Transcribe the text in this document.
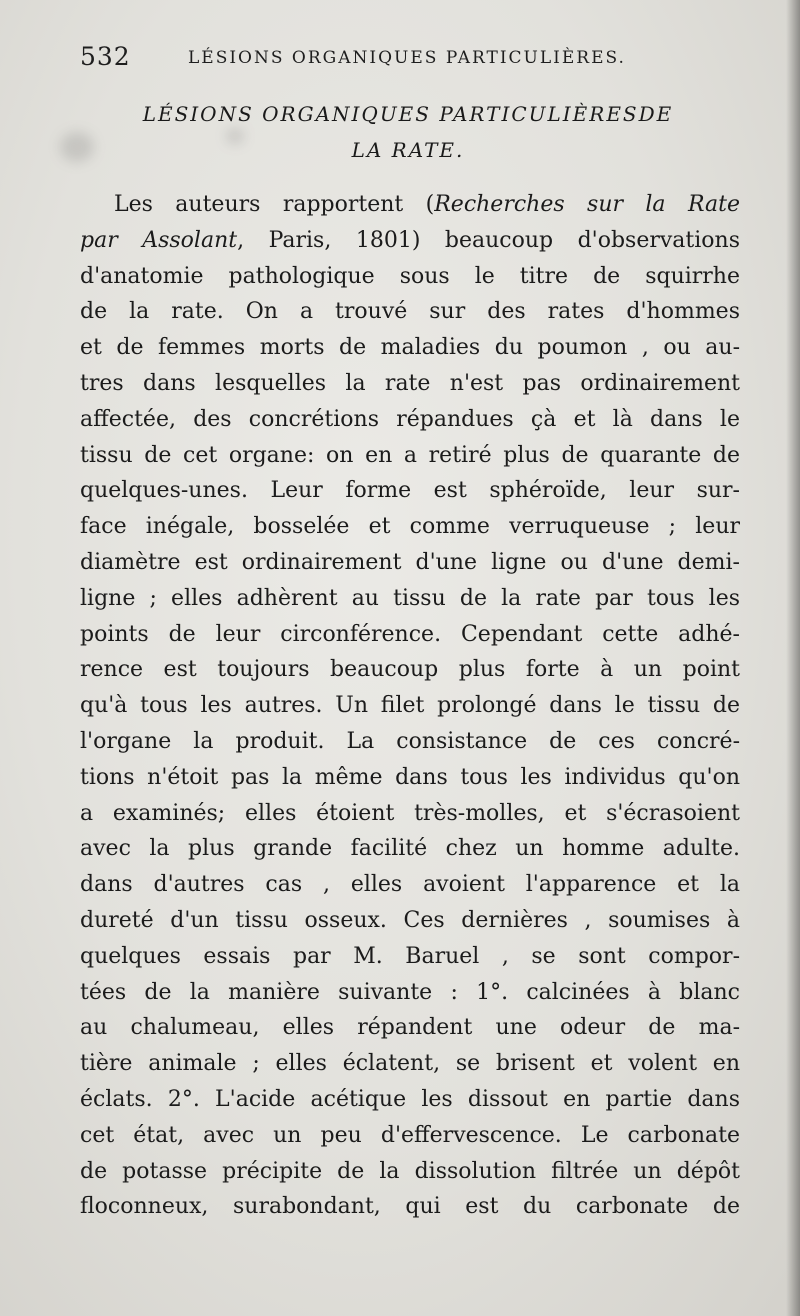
532	LÉSIONS ORGANIQUES PARTICULIÈRES.
LÉSIONS ORGANIQUES PARTICULIÈRESDE
LA RATE.
Les auteurs rapportent (Recherches sur la Rate
par Assolant, Paris, 1801) beaucoup d'observations
d'anatomie pathologique sous le titre de squirrhe
de la rate. On a trouvé sur des rates d'hommes
et de femmes morts de maladies du poumon , ou au-
tres dans lesquelles la rate n'est pas ordinairement
affectée, des concrétions répandues çà et là dans le
tissu de cet organe: on en a retiré plus de quarante de
quelques-unes. Leur forme est sphéroïde, leur sur-
face inégale, bosselée et comme verruqueuse ; leur
diamètre est ordinairement d'une ligne ou d'une demi-
ligne ; elles adhèrent au tissu de la rate par tous les
points de leur circonférence. Cependant cette adhé-
rence est toujours beaucoup plus forte à un point
qu'à tous les autres. Un filet prolongé dans le tissu de
l'organe la produit. La consistance de ces concré-
tions n'étoit pas la même dans tous les individus qu'on
a examinés; elles étoient très-molles, et s'écrasoient
avec la plus grande facilité chez un homme adulte.
dans d'autres cas , elles avoient l'apparence et la
dureté d'un tissu osseux. Ces dernières , soumises à
quelques essais par M. Baruel , se sont compor-
tées de la manière suivante : 1°. calcinées à blanc
au chalumeau, elles répandent une odeur de ma-
tière animale ; elles éclatent, se brisent et volent en
éclats. 2°. L'acide acétique les dissout en partie dans
cet état, avec un peu d'effervescence. Le carbonate
de potasse précipite de la dissolution filtrée un dépôt
floconneux, surabondant, qui est du carbonate de
